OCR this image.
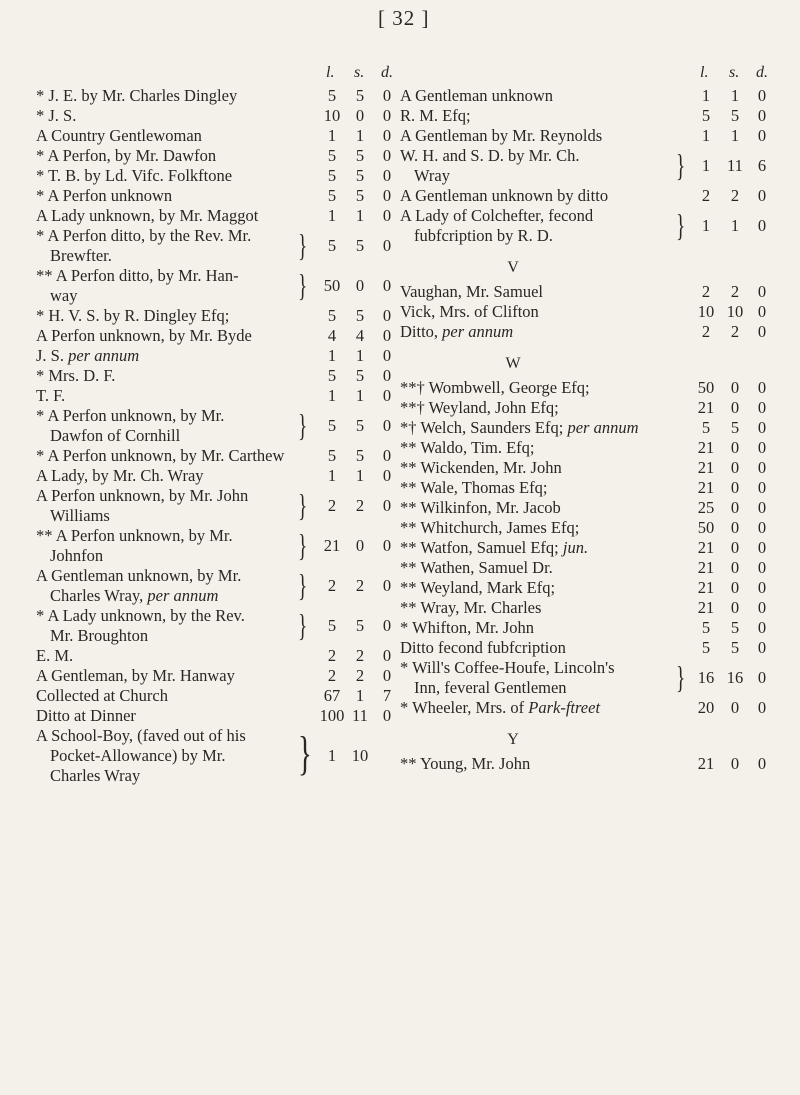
[ 32 ]
l. s. d.
* J. E. by Mr. Charles Dingley	5	5	0
* J. S.	10 0	0
A Country Gentlewoman	1	1	0
* A Perfon, by Mr. Dawfon	5	5	0
* T. B. by Ld. Vifc. Folkftone	5	5	0
* A Perfon unknown	5	5	0
A Lady unknown, by Mr. Maggot	1	1	0
* A Perfon ditto, by the Rev. Mr.
Brewfter.	}	5	5	0
** A Perfon ditto, by Mr. Han-
way	}	50 0	0
* H. V. S. by R. Dingley Efq;	5	5	0
A Perfon unknown, by Mr. Byde	4	4	0
J. S. per annum	1	1	0
* Mrs. D. F.	5	5	0
T. F.	1	1	0
* A Perfon unknown, by Mr.
Dawfon of Cornhill	}	5	5	0
* A Perfon unknown, by Mr. Carthew	5	5	0
A Lady, by Mr. Ch. Wray	1	1	0
A Perfon unknown, by Mr. John
Williams	}	2	2	0
** A Perfon unknown, by Mr.
Johnfon	}	21 0	0
A Gentleman unknown, by Mr.
Charles Wray, per annum	}	2	2	0
* A Lady unknown, by the Rev.
Mr. Broughton	}	5	5	0
E. M.	2	2	0
A Gentleman, by Mr. Hanway	2	2	0
Collected at Church	67 1	7
Ditto at Dinner	100 11 0
A School-Boy, (faved out of his
Pocket-Allowance) by Mr.
Charles Wray	} 1 10
l. s. d.
A Gentleman unknown	1	1	0
R. M. Efq;	5	5	0
A Gentleman by Mr. Reynolds	1	1	0
W. H. and S. D. by Mr. Ch.
Wray	}	1	11 6
A Gentleman unknown by ditto	2	2	0
A Lady of Colchefter, fecond
fubfcription by R. D.	}	1	1	0
V
Vaughan, Mr. Samuel	2	2	0
Vick, Mrs. of Clifton	10 10 0
Ditto, per annum	2	2	0
W
**† Wombwell, George Efq;	50	0	0
**† Weyland, John Efq;	21	0	0
*† Welch, Saunders Efq; per annum	5	5	0
** Waldo, Tim. Efq;	21	0	0
** Wickenden, Mr. John	21	0	0
** Wale, Thomas Efq;	21	0	0
** Wilkinfon, Mr. Jacob	25	0	0
** Whitchurch, James Efq;	50	0	0
** Watfon, Samuel Efq; jun.	21	0	0
** Wathen, Samuel Dr.	21	0	0
** Weyland, Mark Efq;	21	0	0
** Wray, Mr. Charles	21	0	0
* Whifton, Mr. John	5	5	0
Ditto fecond fubfcription	5	5	0
* Will's Coffee-Houfe, Lincoln's
Inn, feveral Gentlemen	} 16 16 0
* Wheeler, Mrs. of Park-ftreet	20	0	0
Y
** Young, Mr. John	21	0	0
